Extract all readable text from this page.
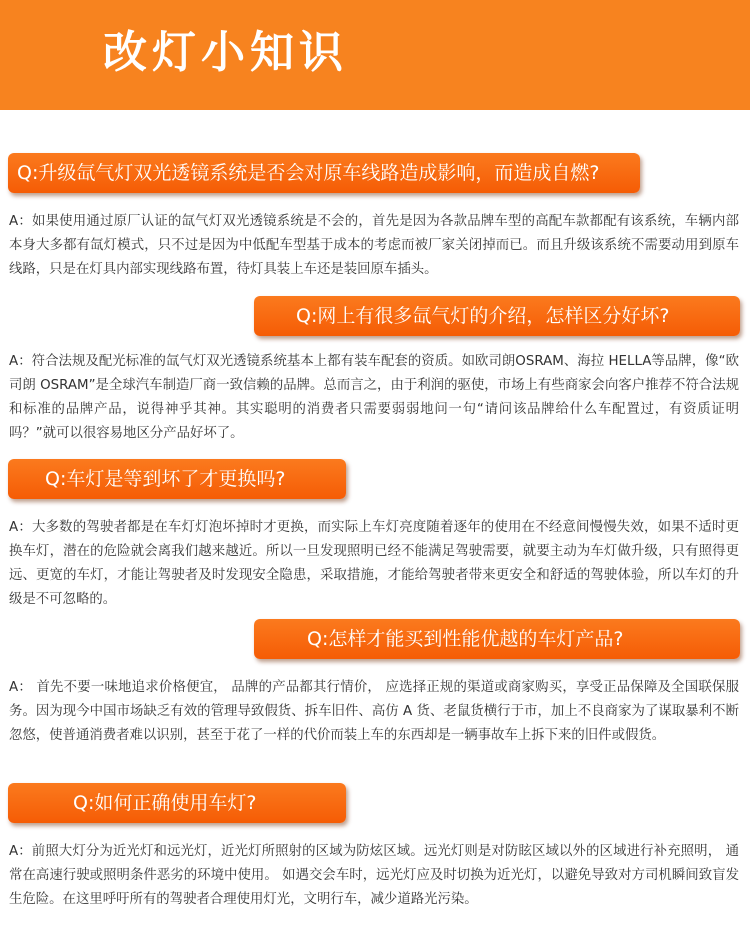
改灯小知识
Q:升级氙气灯双光透镜系统是否会对原车线路造成影响，而造成自燃?

A：如果使用通过原厂认证的氙气灯双光透镜系统是不会的，首先是因为各款品牌车型的高配车款都配有该系统，车辆内部本身大多都有氙灯模式，只不过是因为中低配车型基于成本的考虑而被厂家关闭掉而已。而且升级该系统不需要动用到原车线路，只是在灯具内部实现线路布置，待灯具装上车还是装回原车插头。

Q:网上有很多氙气灯的介绍，怎样区分好坏?

A：符合法规及配光标准的氙气灯双光透镜系统基本上都有装车配套的资质。如欧司朗OSRAM、海拉 HELLA等品牌，像“欧司朗 OSRAM”是全球汽车制造厂商一致信赖的品牌。总而言之，由于利润的驱使，市场上有些商家会向客户推荐不符合法规和标准的品牌产品，说得神乎其神。其实聪明的消费者只需要弱弱地问一句“请问该品牌给什么车配置过，有资质证明吗？”就可以很容易地区分产品好坏了。

Q:车灯是等到坏了才更换吗?

A：大多数的驾驶者都是在车灯灯泡坏掉时才更换，而实际上车灯亮度随着逐年的使用在不经意间慢慢失效，如果不适时更换车灯，潜在的危险就会离我们越来越近。所以一旦发现照明已经不能满足驾驶需要，就要主动为车灯做升级，只有照得更远、更宽的车灯，才能让驾驶者及时发现安全隐患，采取措施，才能给驾驶者带来更安全和舒适的驾驶体验，所以车灯的升级是不可忽略的。

Q:怎样才能买到性能优越的车灯产品?

A： 首先不要一味地追求价格便宜， 品牌的产品都其行情价， 应选择正规的渠道或商家购买，享受正品保障及全国联保服务。因为现今中国市场缺乏有效的管理导致假货、拆车旧件、高仿 A 货、老鼠货横行于市，加上不良商家为了谋取暴利不断忽悠，使普通消费者难以识别，甚至于花了一样的代价而装上车的东西却是一辆事故车上拆下来的旧件或假货。

Q:如何正确使用车灯?

A：前照大灯分为近光灯和远光灯，近光灯所照射的区域为防炫区域。远光灯则是对防眩区域以外的区域进行补充照明， 通常在高速行驶或照明条件恶劣的环境中使用。 如遇交会车时，远光灯应及时切换为近光灯，以避免导致对方司机瞬间致盲发生危险。在这里呼吁所有的驾驶者合理使用灯光，文明行车，减少道路光污染。
